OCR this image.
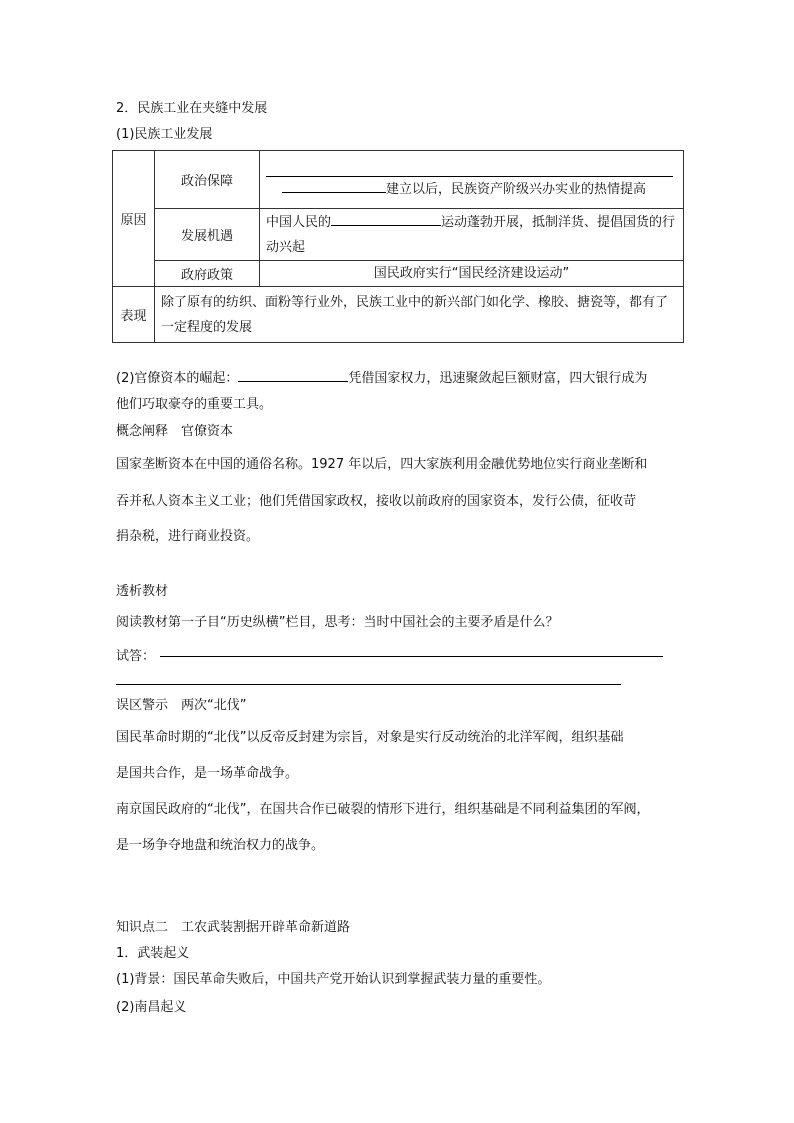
2．民族工业在夹缝中发展
(1)民族工业发展
原因	政治保障	建立以后，民族资产阶级兴办实业的热情提高
	发展机遇	中国人民的 运动蓬勃开展，抵制洋货、提倡国货的行动兴起
	政府政策	国民政府实行“国民经济建设运动”
表现	除了原有的纺织、面粉等行业外，民族工业中的新兴部门如化学、橡胶、搪瓷等，都有了一定程度的发展	
(2)官僚资本的崛起：	凭借国家权力，迅速聚敛起巨额财富，四大银行成为
他们巧取豪夺的重要工具。
概念阐释　官僚资本
国家垄断资本在中国的通俗名称。1927 年以后，四大家族利用金融优势地位实行商业垄断和
吞并私人资本主义工业；他们凭借国家政权，接收以前政府的国家资本，发行公债，征收苛
捐杂税，进行商业投资。
透析教材
阅读教材第一子目“历史纵横”栏目，思考：当时中国社会的主要矛盾是什么？
试答：
误区警示　两次“北伐”
国民革命时期的“北伐”以反帝反封建为宗旨，对象是实行反动统治的北洋军阀，组织基础
是国共合作，是一场革命战争。
南京国民政府的“北伐”，在国共合作已破裂的情形下进行，组织基础是不同利益集团的军阀，
是一场争夺地盘和统治权力的战争。
知识点二　工农武装割据开辟革命新道路
1．武装起义
(1)背景：国民革命失败后，中国共产党开始认识到掌握武装力量的重要性。
(2)南昌起义
